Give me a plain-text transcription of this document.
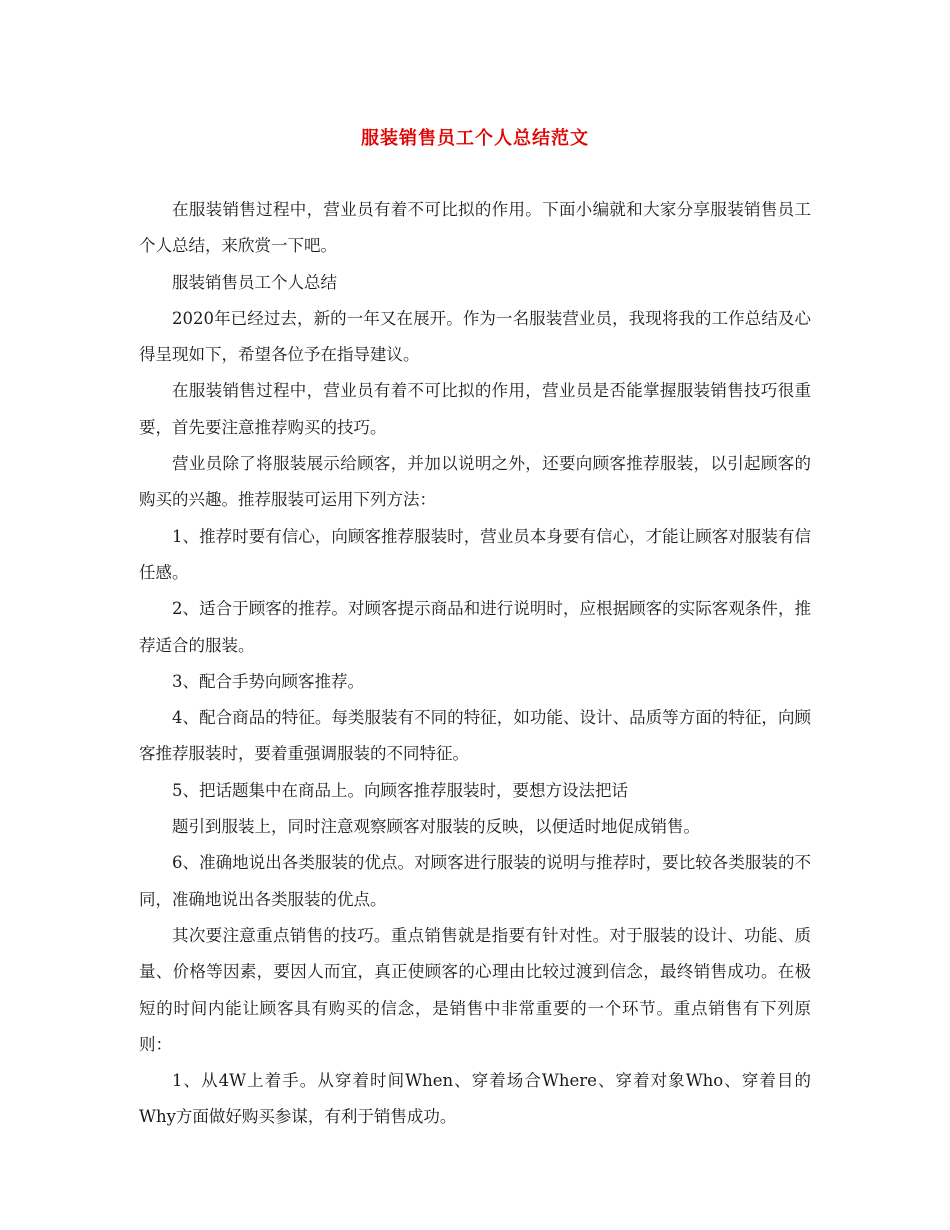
服装销售员工个人总结范文

在服装销售过程中，营业员有着不可比拟的作用。下面小编就和大家分享服装销售员工个人总结，来欣赏一下吧。

服装销售员工个人总结

2020年已经过去，新的一年又在展开。作为一名服装营业员，我现将我的工作总结及心得呈现如下，希望各位予在指导建议。

在服装销售过程中，营业员有着不可比拟的作用，营业员是否能掌握服装销售技巧很重要，首先要注意推荐购买的技巧。

营业员除了将服装展示给顾客，并加以说明之外，还要向顾客推荐服装，以引起顾客的购买的兴趣。推荐服装可运用下列方法：

1、推荐时要有信心，向顾客推荐服装时，营业员本身要有信心，才能让顾客对服装有信任感。

2、适合于顾客的推荐。对顾客提示商品和进行说明时，应根据顾客的实际客观条件，推荐适合的服装。

3、配合手势向顾客推荐。

4、配合商品的特征。每类服装有不同的特征，如功能、设计、品质等方面的特征，向顾客推荐服装时，要着重强调服装的不同特征。

5、把话题集中在商品上。向顾客推荐服装时，要想方设法把话

题引到服装上，同时注意观察顾客对服装的反映，以便适时地促成销售。

6、准确地说出各类服装的优点。对顾客进行服装的说明与推荐时，要比较各类服装的不同，准确地说出各类服装的优点。

其次要注意重点销售的技巧。重点销售就是指要有针对性。对于服装的设计、功能、质量、价格等因素，要因人而宜，真正使顾客的心理由比较过渡到信念，最终销售成功。在极短的时间内能让顾客具有购买的信念，是销售中非常重要的一个环节。重点销售有下列原则：

1、从4W上着手。从穿着时间When、穿着场合Where、穿着对象Who、穿着目的Why方面做好购买参谋，有利于销售成功。
